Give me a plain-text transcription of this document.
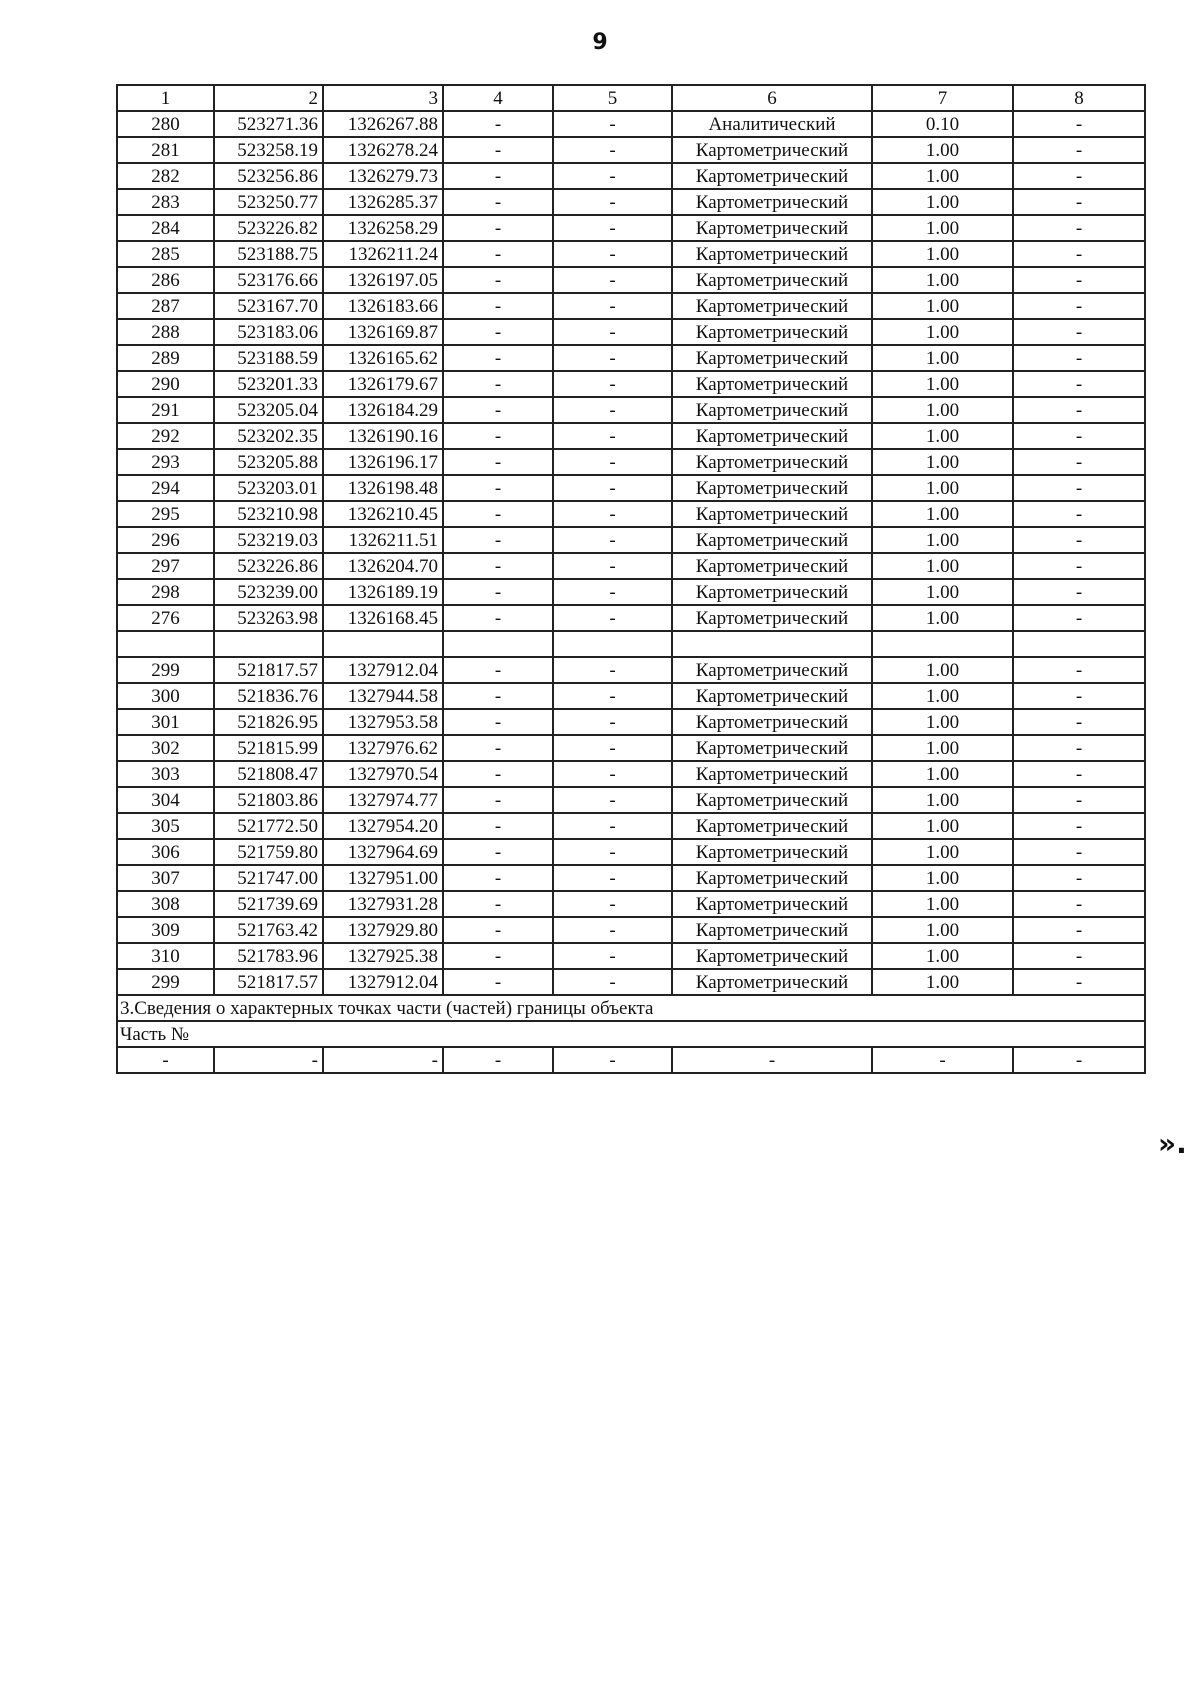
9
1	2	3	4	5	6	7	8
280	523271.36	1326267.88	-	-	Аналитический	0.10	-
281	523258.19	1326278.24	-	-	Картометрический	1.00	-
282	523256.86	1326279.73	-	-	Картометрический	1.00	-
283	523250.77	1326285.37	-	-	Картометрический	1.00	-
284	523226.82	1326258.29	-	-	Картометрический	1.00	-
285	523188.75	1326211.24	-	-	Картометрический	1.00	-
286	523176.66	1326197.05	-	-	Картометрический	1.00	-
287	523167.70	1326183.66	-	-	Картометрический	1.00	-
288	523183.06	1326169.87	-	-	Картометрический	1.00	-
289	523188.59	1326165.62	-	-	Картометрический	1.00	-
290	523201.33	1326179.67	-	-	Картометрический	1.00	-
291	523205.04	1326184.29	-	-	Картометрический	1.00	-
292	523202.35	1326190.16	-	-	Картометрический	1.00	-
293	523205.88	1326196.17	-	-	Картометрический	1.00	-
294	523203.01	1326198.48	-	-	Картометрический	1.00	-
295	523210.98	1326210.45	-	-	Картометрический	1.00	-
296	523219.03	1326211.51	-	-	Картометрический	1.00	-
297	523226.86	1326204.70	-	-	Картометрический	1.00	-
298	523239.00	1326189.19	-	-	Картометрический	1.00	-
276	523263.98	1326168.45	-	-	Картометрический	1.00	-

299	521817.57	1327912.04	-	-	Картометрический	1.00	-
300	521836.76	1327944.58	-	-	Картометрический	1.00	-
301	521826.95	1327953.58	-	-	Картометрический	1.00	-
302	521815.99	1327976.62	-	-	Картометрический	1.00	-
303	521808.47	1327970.54	-	-	Картометрический	1.00	-
304	521803.86	1327974.77	-	-	Картометрический	1.00	-
305	521772.50	1327954.20	-	-	Картометрический	1.00	-
306	521759.80	1327964.69	-	-	Картометрический	1.00	-
307	521747.00	1327951.00	-	-	Картометрический	1.00	-
308	521739.69	1327931.28	-	-	Картометрический	1.00	-
309	521763.42	1327929.80	-	-	Картометрический	1.00	-
310	521783.96	1327925.38	-	-	Картометрический	1.00	-
299	521817.57	1327912.04	-	-	Картометрический	1.00	-
3.Сведения о характерных точках части (частей) границы объекта							
Часть №							
-	-	-	-	-	-	-	-
».
